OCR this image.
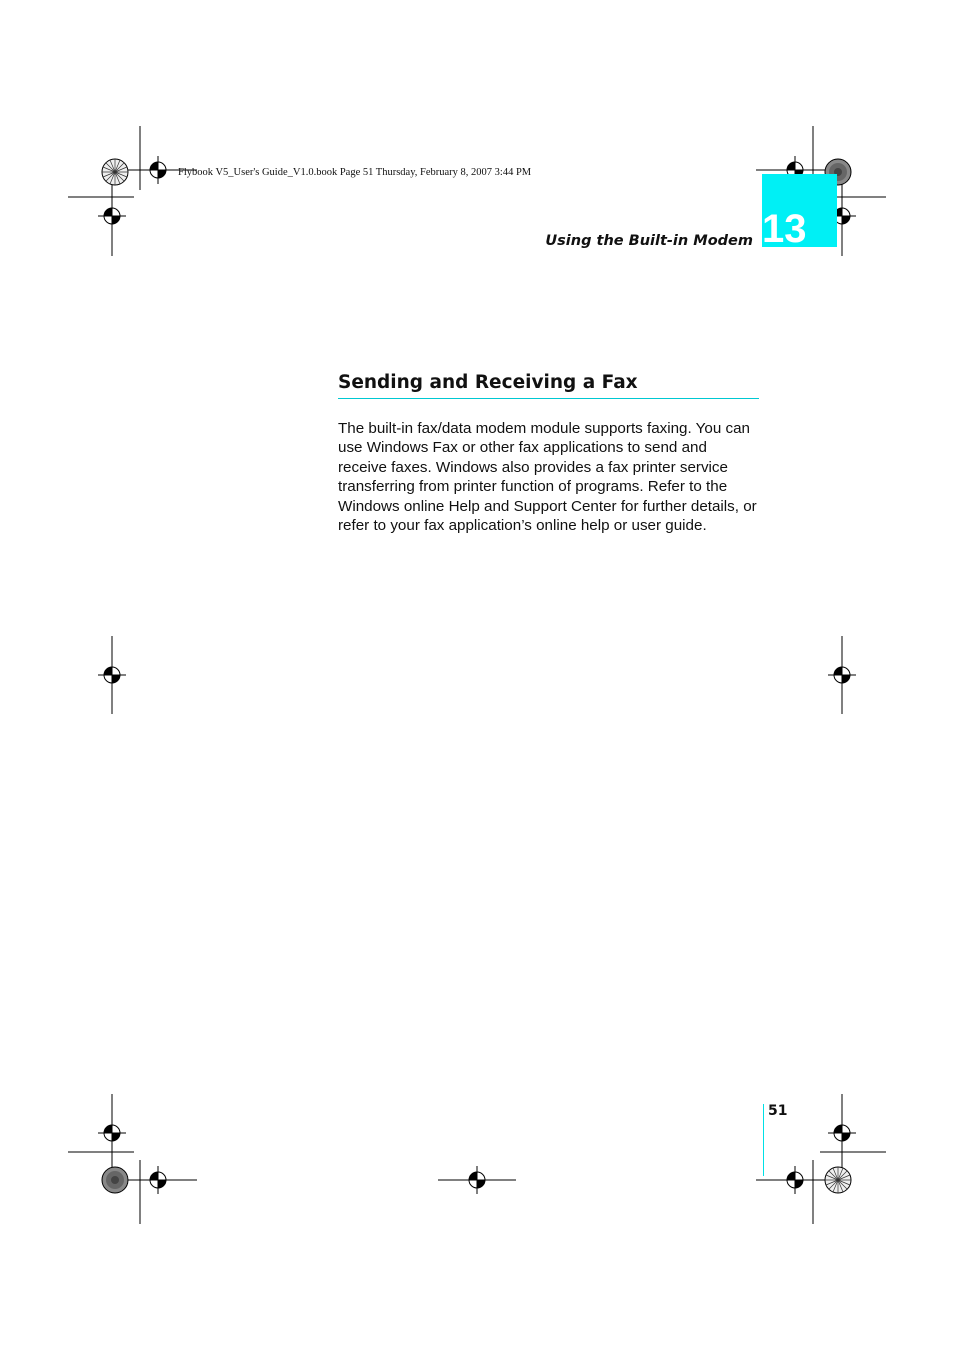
Flybook V5_User's Guide_V1.0.book Page 51 Thursday, February 8, 2007 3:44 PM
13
Using the Built-in Modem
Sending and Receiving a Fax

The built-in fax/data modem module supports faxing. You can use Windows Fax or other fax applications to send and receive faxes. Windows also provides a fax printer service transferring from printer function of programs. Refer to the Windows online Help and Support Center for further details, or refer to your fax application’s online help or user guide.

51
